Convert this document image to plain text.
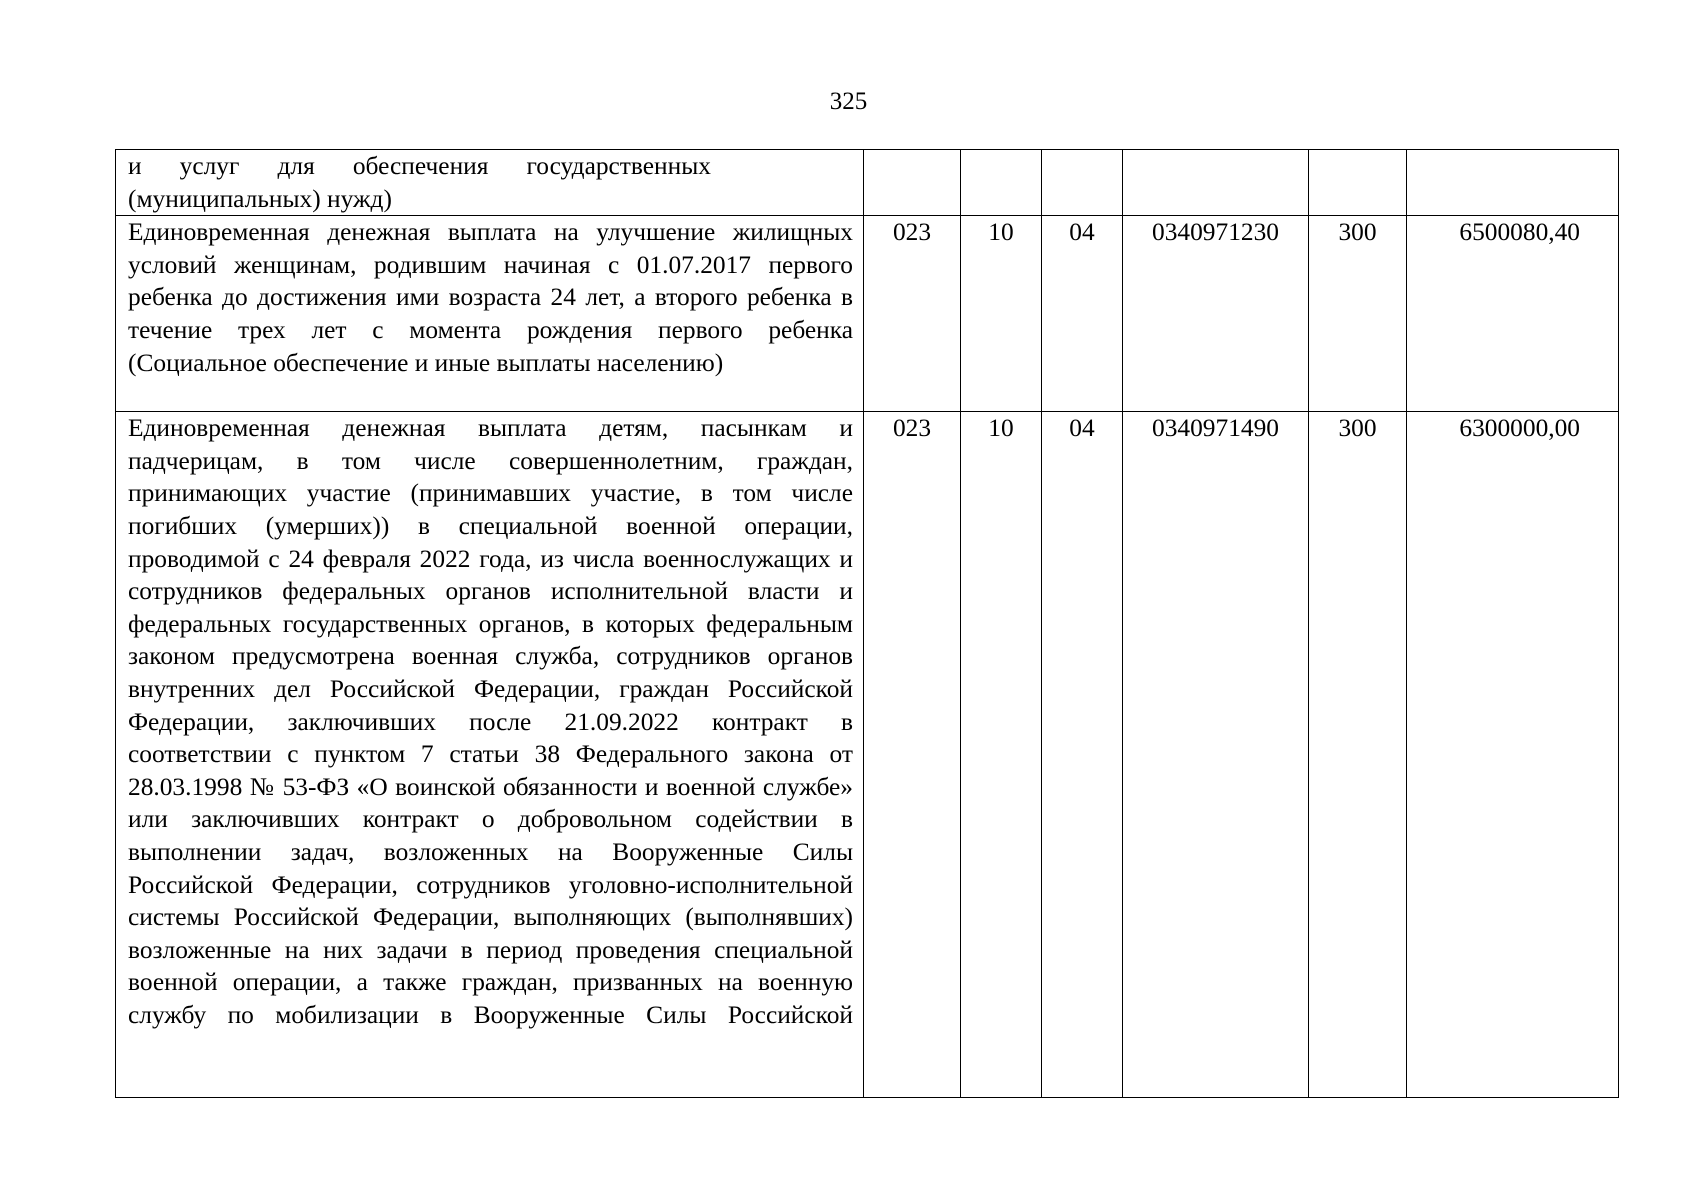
325
и      услуг      для      обеспечения      государственных
(муниципальных) нужд)						

Единовременная денежная выплата на улучшение жилищных условий женщинам, родившим начиная с 01.07.2017 первого ребенка до достижения ими возраста 24 лет, а второго ребенка в течение трех лет с момента рождения первого ребенка (Социальное обеспечение и иные выплаты населению)	023	10	04	0340971230	300	6500080,40

Единовременная денежная выплата детям, пасынкам и падчерицам, в том числе совершеннолетним, граждан, принимающих участие (принимавших участие, в том числе погибших (умерших)) в специальной военной операции, проводимой с 24 февраля 2022 года, из числа военнослужащих и сотрудников федеральных органов исполнительной власти и федеральных государственных органов, в которых федеральным законом предусмотрена военная служба, сотрудников органов внутренних дел Российской Федерации, граждан Российской Федерации, заключивших после 21.09.2022 контракт в соответствии с пунктом 7 статьи 38 Федерального закона от 28.03.1998 № 53-ФЗ «О воинской обязанности и военной службе» или заключивших контракт о добровольном содействии в выполнении задач, возложенных на Вооруженные Силы Российской Федерации, сотрудников уголовно-исполнительной системы Российской Федерации, выполняющих (выполнявших) возложенные на них задачи в период проведения специальной военной операции, а также граждан, призванных на военную службу по мобилизации в Вооруженные Силы Российской	023	10	04	0340971490	300	6300000,00
